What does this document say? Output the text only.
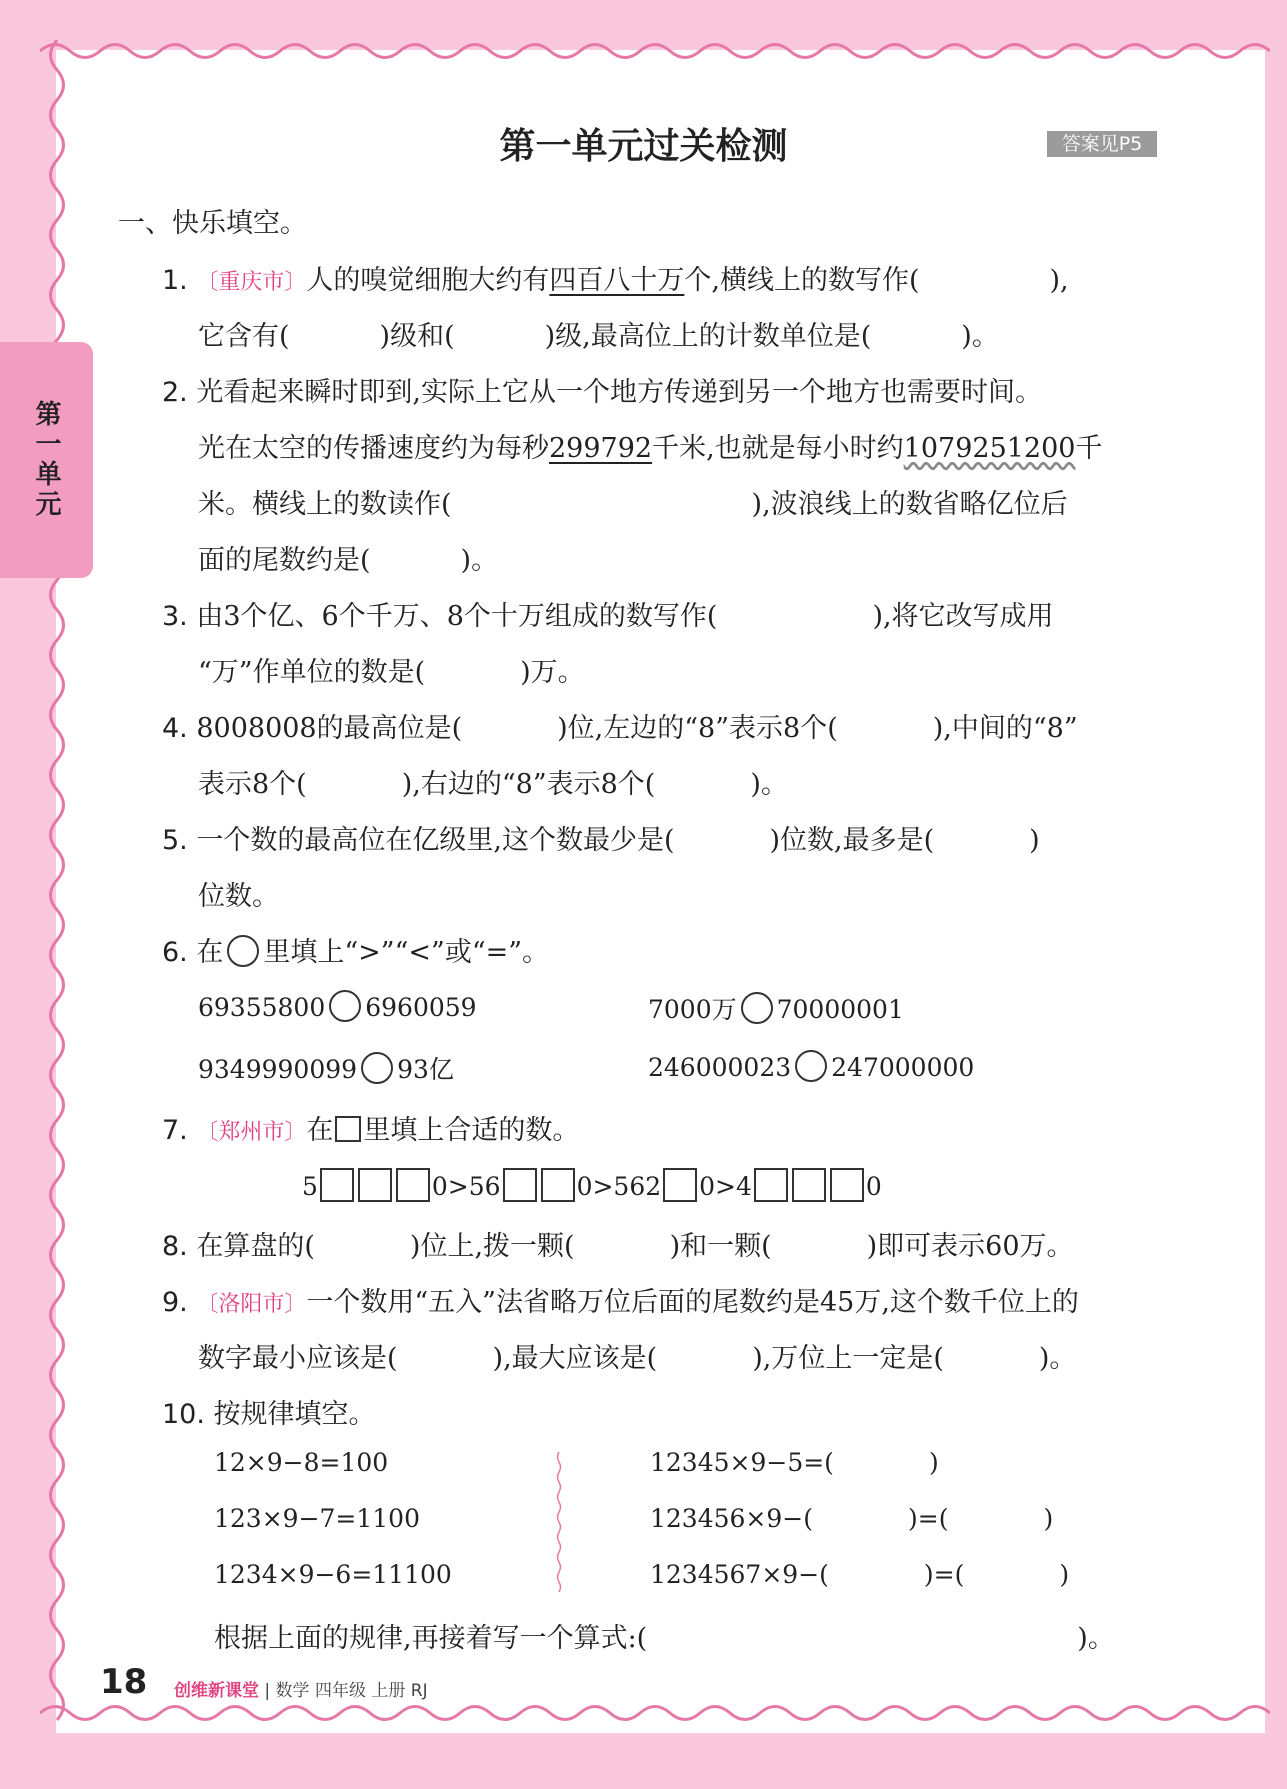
第一单元
第一单元过关检测	答案见P5
一、快乐填空。
1. 〔重庆市〕人的嗅觉细胞大约有四百八十万个,横线上的数写作(	),
它含有(	)级和(	)级,最高位上的计数单位是(	)。
2. 光看起来瞬时即到,实际上它从一个地方传递到另一个地方也需要时间。
光在太空的传播速度约为每秒299792千米,也就是每小时约1079251200千
米。横线上的数读作(	),波浪线上的数省略亿位后
面的尾数约是(	)。
3. 由3个亿、6个千万、8个十万组成的数写作(	),将它改写成用
“万”作单位的数是(	)万。
4. 8008008的最高位是(	)位,左边的“8”表示8个(	),中间的“8”
表示8个(	),右边的“8”表示8个(	)。
5. 一个数的最高位在亿级里,这个数最少是(	)位数,最多是(	)
位数。
6. 在 里填上“>”“<”或“=”。
69355800 6960059	7000万 70000001
9349990099 93亿	246000023 247000000
7. 〔郑州市〕在 里填上合适的数。
5	0>56	0>562 0>4	0
8. 在算盘的(	)位上,拨一颗(	)和一颗(	)即可表示60万。
9. 〔洛阳市〕一个数用“五入”法省略万位后面的尾数约是45万,这个数千位上的
数字最小应该是(	),最大应该是(	),万位上一定是(	)。
10. 按规律填空。
12×9−8=100
123×9−7=1100
1234×9−6=11100
12345×9−5=(	)
123456×9−(	)=(	)
1234567×9−(	)=(	)
根据上面的规律,再接着写一个算式:(	)。
18 创维新课堂 | 数学 四年级 上册 RJ
